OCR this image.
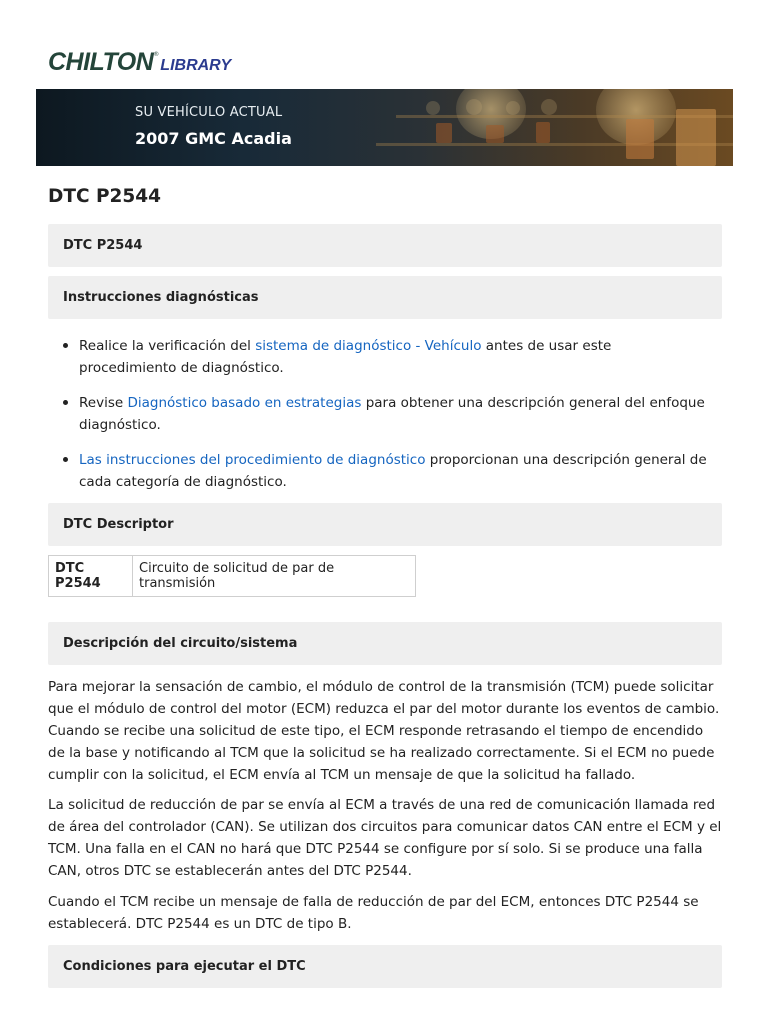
CHILTON ®
LIBRARY
SU VEHÍCULO ACTUAL
2007 GMC Acadia
DTC P2544
DTC P2544
Instrucciones diagnósticas
Realice la verificación del sistema de diagnóstico - Vehículo antes de usar este procedimiento de diagnóstico.
Revise Diagnóstico basado en estrategias para obtener una descripción general del enfoque diagnóstico.
Las instrucciones del procedimiento de diagnóstico proporcionan una descripción general de cada categoría de diagnóstico.
DTC Descriptor
DTC P2544	Circuito de solicitud de par de transmisión
Descripción del circuito/sistema

Para mejorar la sensación de cambio, el módulo de control de la transmisión (TCM) puede solicitar que el módulo de control del motor (ECM) reduzca el par del motor durante los eventos de cambio. Cuando se recibe una solicitud de este tipo, el ECM responde retrasando el tiempo de encendido de la base y notificando al TCM que la solicitud se ha realizado correctamente. Si el ECM no puede cumplir con la solicitud, el ECM envía al TCM un mensaje de que la solicitud ha fallado.

La solicitud de reducción de par se envía al ECM a través de una red de comunicación llamada red de área del controlador (CAN). Se utilizan dos circuitos para comunicar datos CAN entre el ECM y el TCM. Una falla en el CAN no hará que DTC P2544 se configure por sí solo. Si se produce una falla CAN, otros DTC se establecerán antes del DTC P2544.

Cuando el TCM recibe un mensaje de falla de reducción de par del ECM, entonces DTC P2544 se establecerá. DTC P2544 es un DTC de tipo B.

Condiciones para ejecutar el DTC
